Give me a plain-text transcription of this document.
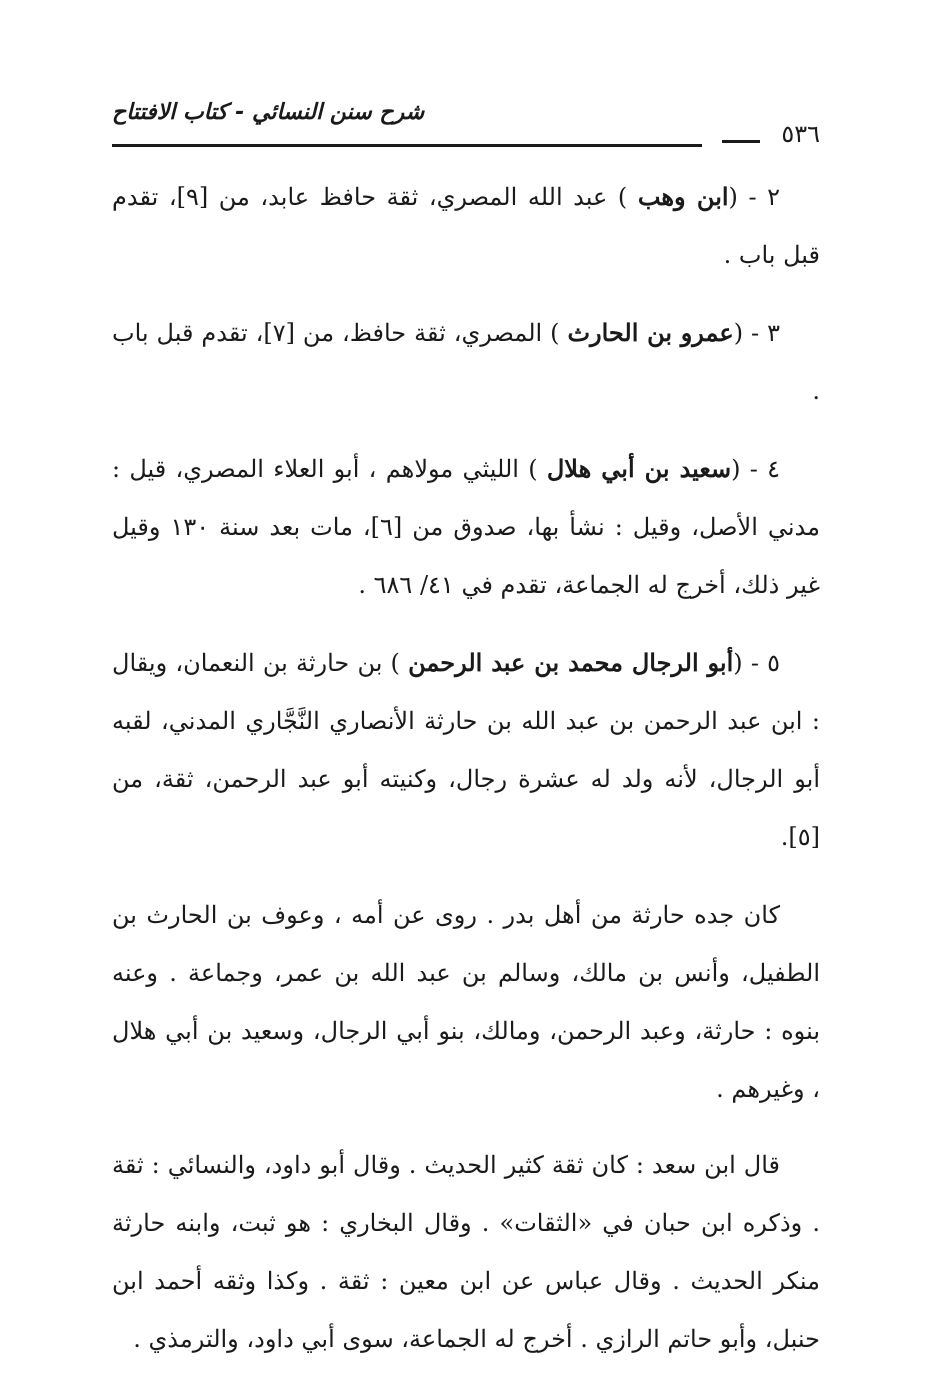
٥٣٦
شرح سنن النسائي - كتاب الافتتاح

٢ - (ابن وهب ) عبد الله المصري، ثقة حافظ عابد، من [٩]، تقدم قبل باب .

٣ - (عمرو بن الحارث ) المصري، ثقة حافظ، من [٧]، تقدم قبل باب .

٤ - (سعيد بن أبي هلال ) الليثي مولاهم ، أبو العلاء المصري، قيل : مدني الأصل، وقيل : نشأ بها، صدوق من [٦]، مات بعد سنة ١٣٠ وقيل غير ذلك، أخرج له الجماعة، تقدم في ٤١/ ٦٨٦ .

٥ - (أبو الرجال محمد بن عبد الرحمن ) بن حارثة بن النعمان، ويقال : ابن عبد الرحمن بن عبد الله بن حارثة الأنصاري النَّجَّاري المدني، لقبه أبو الرجال، لأنه ولد له عشرة رجال، وكنيته أبو عبد الرحمن، ثقة، من [٥].

كان جده حارثة من أهل بدر . روى عن أمه ، وعوف بن الحارث بن الطفيل، وأنس بن مالك، وسالم بن عبد الله بن عمر، وجماعة . وعنه بنوه : حارثة، وعبد الرحمن، ومالك، بنو أبي الرجال، وسعيد بن أبي هلال ، وغيرهم .

قال ابن سعد : كان ثقة كثير الحديث . وقال أبو داود، والنسائي : ثقة . وذكره ابن حبان في «الثقات» . وقال البخاري : هو ثبت، وابنه حارثة منكر الحديث . وقال عباس عن ابن معين : ثقة . وكذا وثقه أحمد ابن حنبل، وأبو حاتم الرازي . أخرج له الجماعة، سوى أبي داود، والترمذي .
